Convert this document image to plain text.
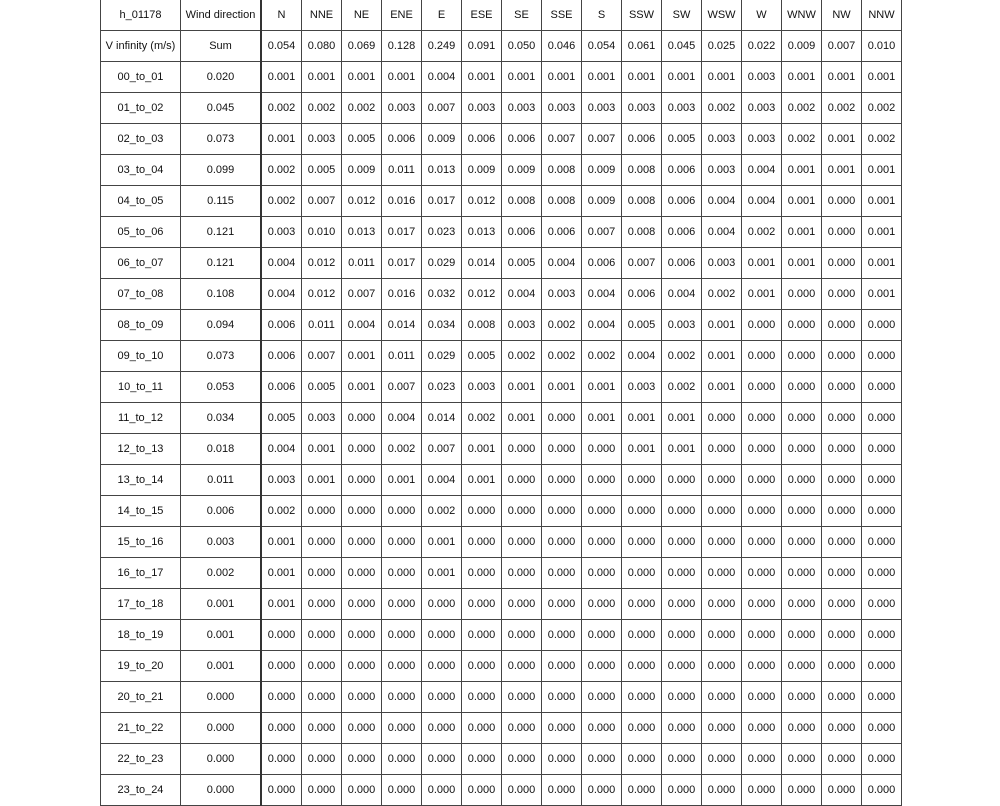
h_01178	Wind direction	N	NNE	NE	ENE	E	ESE	SE	SSE	S	SSW	SW	WSW	W	WNW	NW	NNW
V infinity (m/s)	Sum	0.054	0.080	0.069	0.128	0.249	0.091	0.050	0.046	0.054	0.061	0.045	0.025	0.022	0.009	0.007	0.010
00_to_01	0.020	0.001	0.001	0.001	0.001	0.004	0.001	0.001	0.001	0.001	0.001	0.001	0.001	0.003	0.001	0.001	0.001
01_to_02	0.045	0.002	0.002	0.002	0.003	0.007	0.003	0.003	0.003	0.003	0.003	0.003	0.002	0.003	0.002	0.002	0.002
02_to_03	0.073	0.001	0.003	0.005	0.006	0.009	0.006	0.006	0.007	0.007	0.006	0.005	0.003	0.003	0.002	0.001	0.002
03_to_04	0.099	0.002	0.005	0.009	0.011	0.013	0.009	0.009	0.008	0.009	0.008	0.006	0.003	0.004	0.001	0.001	0.001
04_to_05	0.115	0.002	0.007	0.012	0.016	0.017	0.012	0.008	0.008	0.009	0.008	0.006	0.004	0.004	0.001	0.000	0.001
05_to_06	0.121	0.003	0.010	0.013	0.017	0.023	0.013	0.006	0.006	0.007	0.008	0.006	0.004	0.002	0.001	0.000	0.001
06_to_07	0.121	0.004	0.012	0.011	0.017	0.029	0.014	0.005	0.004	0.006	0.007	0.006	0.003	0.001	0.001	0.000	0.001
07_to_08	0.108	0.004	0.012	0.007	0.016	0.032	0.012	0.004	0.003	0.004	0.006	0.004	0.002	0.001	0.000	0.000	0.001
08_to_09	0.094	0.006	0.011	0.004	0.014	0.034	0.008	0.003	0.002	0.004	0.005	0.003	0.001	0.000	0.000	0.000	0.000
09_to_10	0.073	0.006	0.007	0.001	0.011	0.029	0.005	0.002	0.002	0.002	0.004	0.002	0.001	0.000	0.000	0.000	0.000
10_to_11	0.053	0.006	0.005	0.001	0.007	0.023	0.003	0.001	0.001	0.001	0.003	0.002	0.001	0.000	0.000	0.000	0.000
11_to_12	0.034	0.005	0.003	0.000	0.004	0.014	0.002	0.001	0.000	0.001	0.001	0.001	0.000	0.000	0.000	0.000	0.000
12_to_13	0.018	0.004	0.001	0.000	0.002	0.007	0.001	0.000	0.000	0.000	0.001	0.001	0.000	0.000	0.000	0.000	0.000
13_to_14	0.011	0.003	0.001	0.000	0.001	0.004	0.001	0.000	0.000	0.000	0.000	0.000	0.000	0.000	0.000	0.000	0.000
14_to_15	0.006	0.002	0.000	0.000	0.000	0.002	0.000	0.000	0.000	0.000	0.000	0.000	0.000	0.000	0.000	0.000	0.000
15_to_16	0.003	0.001	0.000	0.000	0.000	0.001	0.000	0.000	0.000	0.000	0.000	0.000	0.000	0.000	0.000	0.000	0.000
16_to_17	0.002	0.001	0.000	0.000	0.000	0.001	0.000	0.000	0.000	0.000	0.000	0.000	0.000	0.000	0.000	0.000	0.000
17_to_18	0.001	0.001	0.000	0.000	0.000	0.000	0.000	0.000	0.000	0.000	0.000	0.000	0.000	0.000	0.000	0.000	0.000
18_to_19	0.001	0.000	0.000	0.000	0.000	0.000	0.000	0.000	0.000	0.000	0.000	0.000	0.000	0.000	0.000	0.000	0.000
19_to_20	0.001	0.000	0.000	0.000	0.000	0.000	0.000	0.000	0.000	0.000	0.000	0.000	0.000	0.000	0.000	0.000	0.000
20_to_21	0.000	0.000	0.000	0.000	0.000	0.000	0.000	0.000	0.000	0.000	0.000	0.000	0.000	0.000	0.000	0.000	0.000
21_to_22	0.000	0.000	0.000	0.000	0.000	0.000	0.000	0.000	0.000	0.000	0.000	0.000	0.000	0.000	0.000	0.000	0.000
22_to_23	0.000	0.000	0.000	0.000	0.000	0.000	0.000	0.000	0.000	0.000	0.000	0.000	0.000	0.000	0.000	0.000	0.000
23_to_24	0.000	0.000	0.000	0.000	0.000	0.000	0.000	0.000	0.000	0.000	0.000	0.000	0.000	0.000	0.000	0.000	0.000
